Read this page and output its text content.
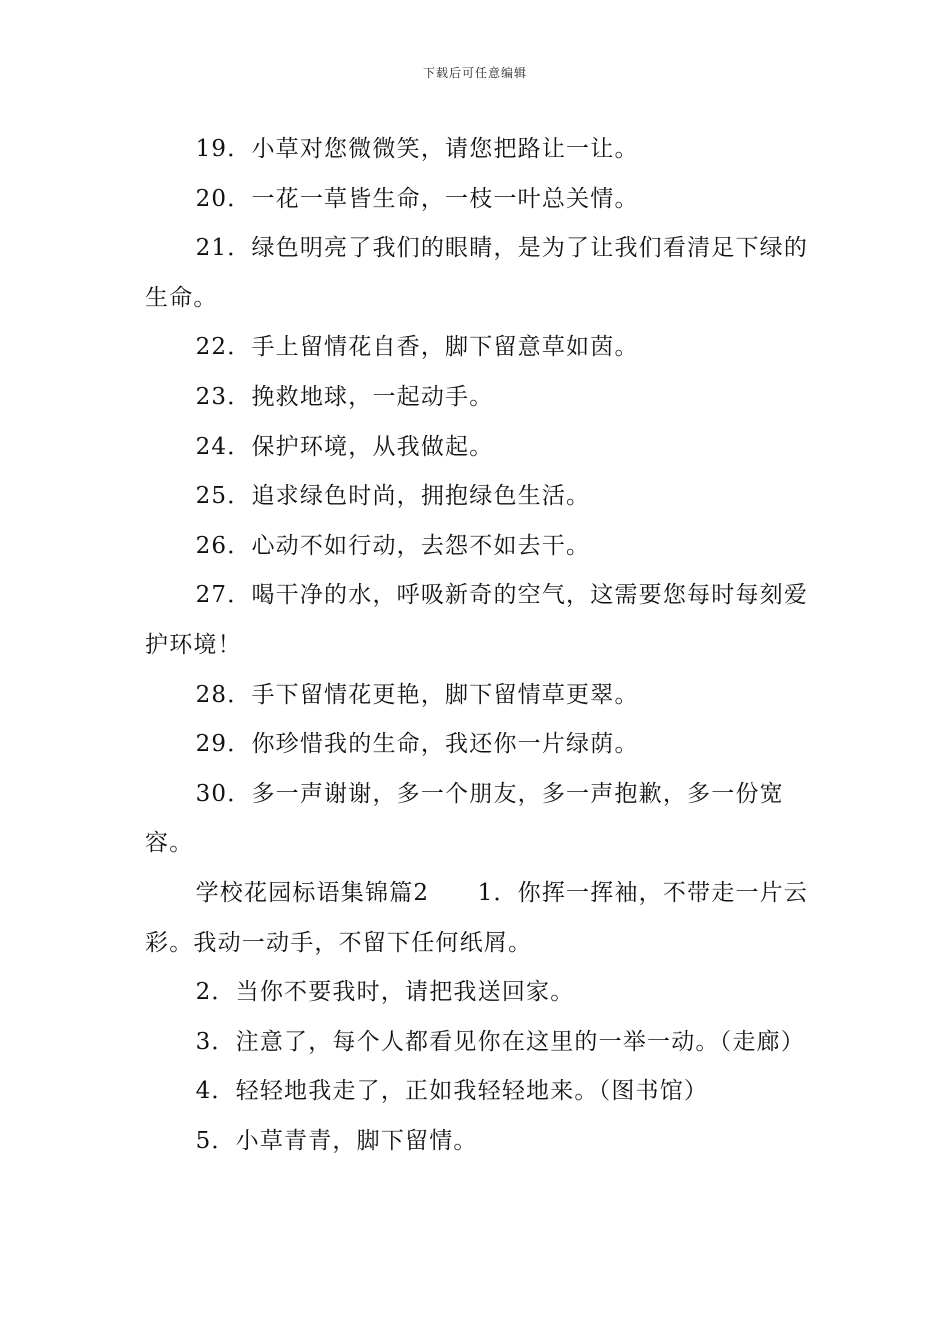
下载后可任意编辑

19．小草对您微微笑，请您把路让一让。

20．一花一草皆生命，一枝一叶总关情。

21．绿色明亮了我们的眼睛，是为了让我们看清足下绿的生命。

22．手上留情花自香，脚下留意草如茵。

23．挽救地球，一起动手。

24．保护环境，从我做起。

25．追求绿色时尚，拥抱绿色生活。

26．心动不如行动，去怨不如去干。

27．喝干净的水，呼吸新奇的空气，这需要您每时每刻爱护环境！

28．手下留情花更艳，脚下留情草更翠。

29．你珍惜我的生命，我还你一片绿荫。

30．多一声谢谢，多一个朋友，多一声抱歉，多一份宽容。

学校花园标语集锦篇2　　1．你挥一挥袖，不带走一片云彩。我动一动手，不留下任何纸屑。

2．当你不要我时，请把我送回家。

3．注意了，每个人都看见你在这里的一举一动。（走廊）

4．轻轻地我走了，正如我轻轻地来。（图书馆）

5．小草青青，脚下留情。
